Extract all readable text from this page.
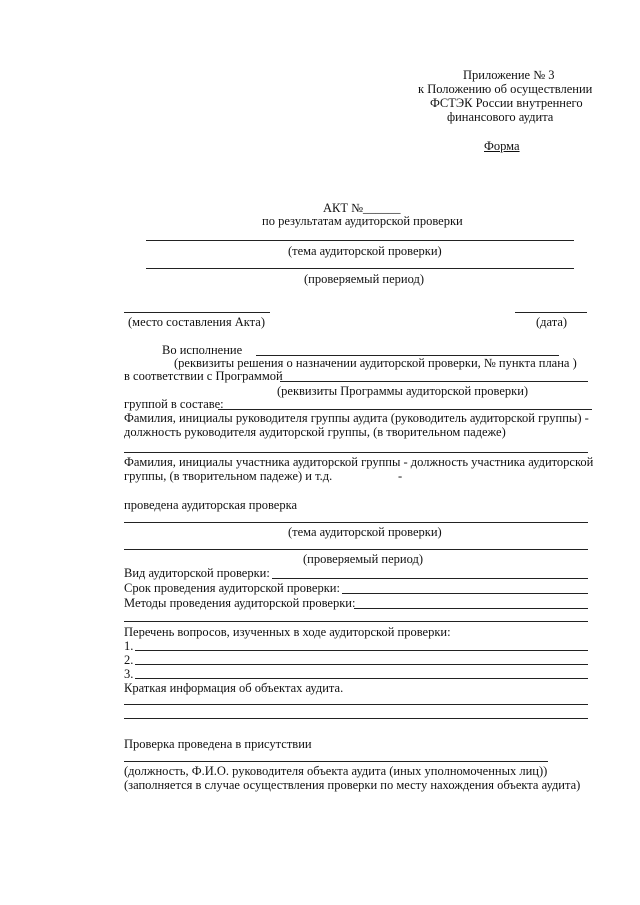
Приложение № 3
к Положению об осуществлении
ФСТЭК России внутреннего
финансового аудита
Форма
АКТ №______
по результатам аудиторской проверки
(тема аудиторской проверки)
(проверяемый период)
(место составления Акта)	(дата)
Во исполнение
(реквизиты решения о назначении аудиторской проверки, № пункта плана )
в соответствии с Программой
(реквизиты Программы аудиторской проверки)
группой в составе:
Фамилия, инициалы руководителя группы аудита (руководитель аудиторской группы) -
должность руководителя аудиторской группы, (в творительном падеже)
Фамилия, инициалы участника аудиторской группы - должность участника аудиторской
группы, (в творительном падеже) и т.д.	-
проведена аудиторская проверка
(тема аудиторской проверки)
(проверяемый период)
Вид аудиторской проверки:
Срок проведения аудиторской проверки:
Методы проведения аудиторской проверки:
Перечень вопросов, изученных в ходе аудиторской проверки:
1.
2.
3.
Краткая информация об объектах аудита.
Проверка проведена в присутствии
(должность, Ф.И.О. руководителя объекта аудита (иных уполномоченных лиц))
(заполняется в случае осуществления проверки по месту нахождения объекта аудита)
